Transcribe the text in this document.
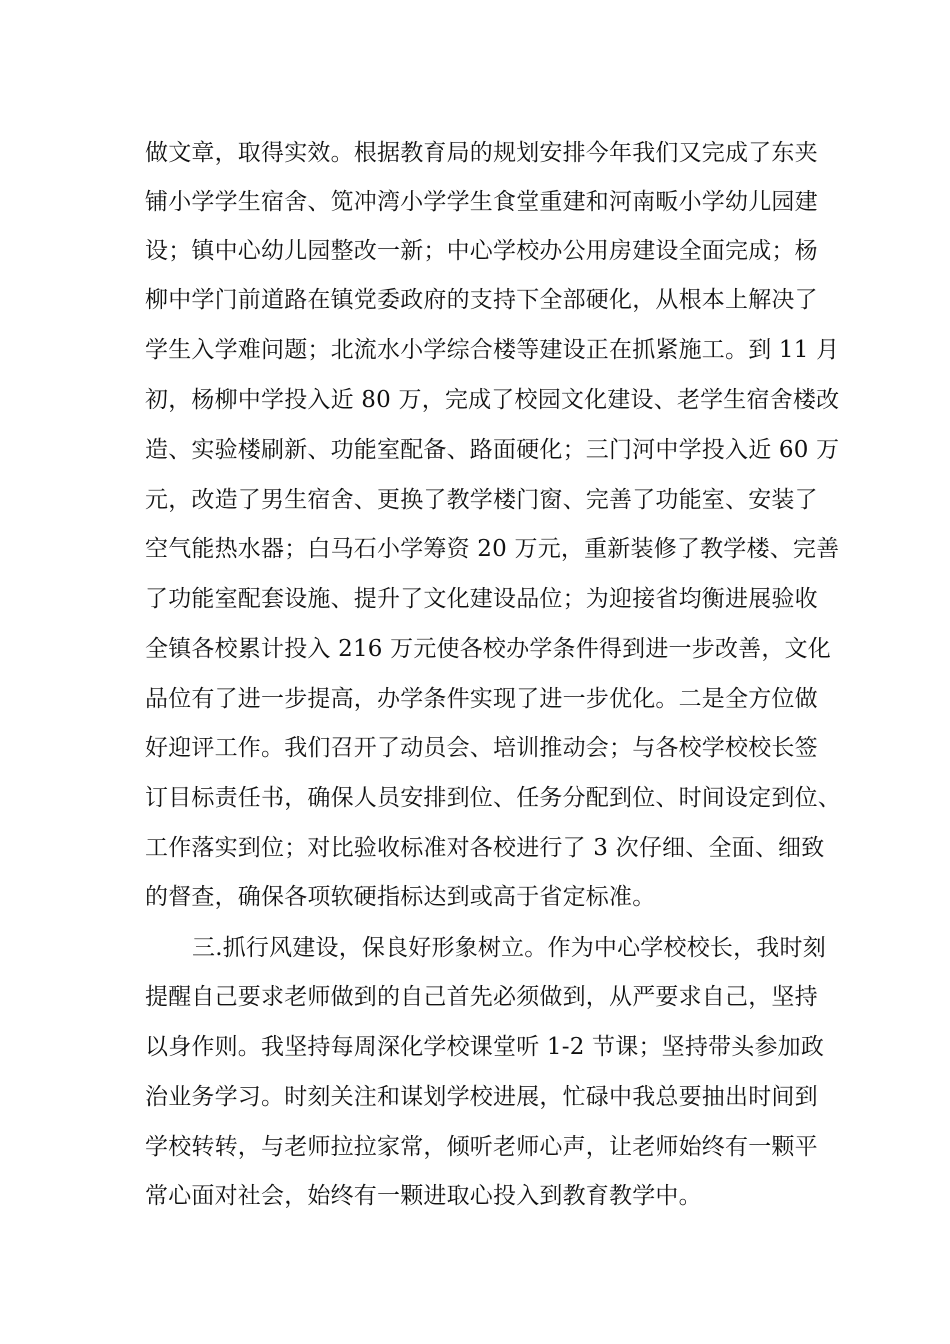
做文章，取得实效。根据教育局的规划安排今年我们又完成了东夹
铺小学学生宿舍、笕冲湾小学学生食堂重建和河南畈小学幼儿园建
设；镇中心幼儿园整改一新；中心学校办公用房建设全面完成；杨
柳中学门前道路在镇党委政府的支持下全部硬化，从根本上解决了
学生入学难问题；北流水小学综合楼等建设正在抓紧施工。到 11 月
初，杨柳中学投入近 80 万，完成了校园文化建设、老学生宿舍楼改
造、实验楼刷新、功能室配备、路面硬化；三门河中学投入近 60 万
元，改造了男生宿舍、更换了教学楼门窗、完善了功能室、安装了
空气能热水器；白马石小学筹资 20 万元，重新装修了教学楼、完善
了功能室配套设施、提升了文化建设品位；为迎接省均衡进展验收
全镇各校累计投入 216 万元使各校办学条件得到进一步改善，文化
品位有了进一步提高，办学条件实现了进一步优化。二是全方位做
好迎评工作。我们召开了动员会、培训推动会；与各校学校校长签
订目标责任书，确保人员安排到位、任务分配到位、时间设定到位、
工作落实到位；对比验收标准对各校进行了 3 次仔细、全面、细致
的督查，确保各项软硬指标达到或高于省定标准。
三.抓行风建设，保良好形象树立。作为中心学校校长，我时刻
提醒自己要求老师做到的自己首先必须做到，从严要求自己，坚持
以身作则。我坚持每周深化学校课堂听 1-2 节课；坚持带头参加政
治业务学习。时刻关注和谋划学校进展，忙碌中我总要抽出时间到
学校转转，与老师拉拉家常，倾听老师心声，让老师始终有一颗平
常心面对社会，始终有一颗进取心投入到教育教学中。
